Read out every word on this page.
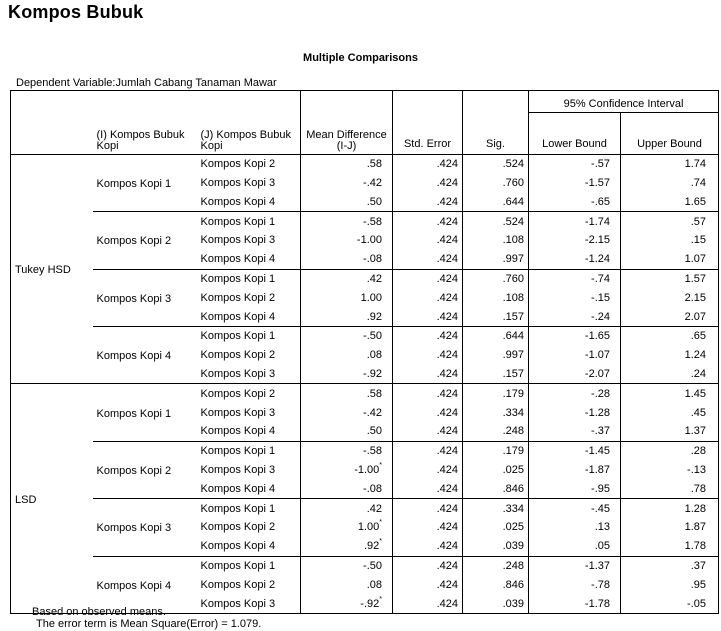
Kompos Bubuk
Multiple Comparisons
Dependent Variable:Jumlah Cabang Tanaman Mawar
	(I) Kompos Bubuk Kopi	(J) Kompos Bubuk Kopi	Mean Difference (I-J)	Std. Error	Sig.	95% Confidence Interval	
						Lower Bound	Upper Bound
Tukey HSD	Kompos Kopi 1	Kompos Kopi 2	.58	.424	.524	-.57	1.74
		Kompos Kopi 3	-.42	.424	.760	-1.57	.74
		Kompos Kopi 4	.50	.424	.644	-.65	1.65
	Kompos Kopi 2	Kompos Kopi 1	-.58	.424	.524	-1.74	.57
		Kompos Kopi 3	-1.00	.424	.108	-2.15	.15
		Kompos Kopi 4	-.08	.424	.997	-1.24	1.07
	Kompos Kopi 3	Kompos Kopi 1	.42	.424	.760	-.74	1.57
		Kompos Kopi 2	1.00	.424	.108	-.15	2.15
		Kompos Kopi 4	.92	.424	.157	-.24	2.07
	Kompos Kopi 4	Kompos Kopi 1	-.50	.424	.644	-1.65	.65
		Kompos Kopi 2	.08	.424	.997	-1.07	1.24
		Kompos Kopi 3	-.92	.424	.157	-2.07	.24
LSD	Kompos Kopi 1	Kompos Kopi 2	.58	.424	.179	-.28	1.45
		Kompos Kopi 3	-.42	.424	.334	-1.28	.45
		Kompos Kopi 4	.50	.424	.248	-.37	1.37
	Kompos Kopi 2	Kompos Kopi 1	-.58	.424	.179	-1.45	.28
		Kompos Kopi 3	-1.00*	.424	.025	-1.87	-.13
		Kompos Kopi 4	-.08	.424	.846	-.95	.78
	Kompos Kopi 3	Kompos Kopi 1	.42	.424	.334	-.45	1.28
		Kompos Kopi 2	1.00*	.424	.025	.13	1.87
		Kompos Kopi 4	.92*	.424	.039	.05	1.78
	Kompos Kopi 4	Kompos Kopi 1	-.50	.424	.248	-1.37	.37
		Kompos Kopi 2	.08	.424	.846	-.78	.95
		Kompos Kopi 3	-.92*	.424	.039	-1.78	-.05
Based on observed means.
The error term is Mean Square(Error) = 1.079.
